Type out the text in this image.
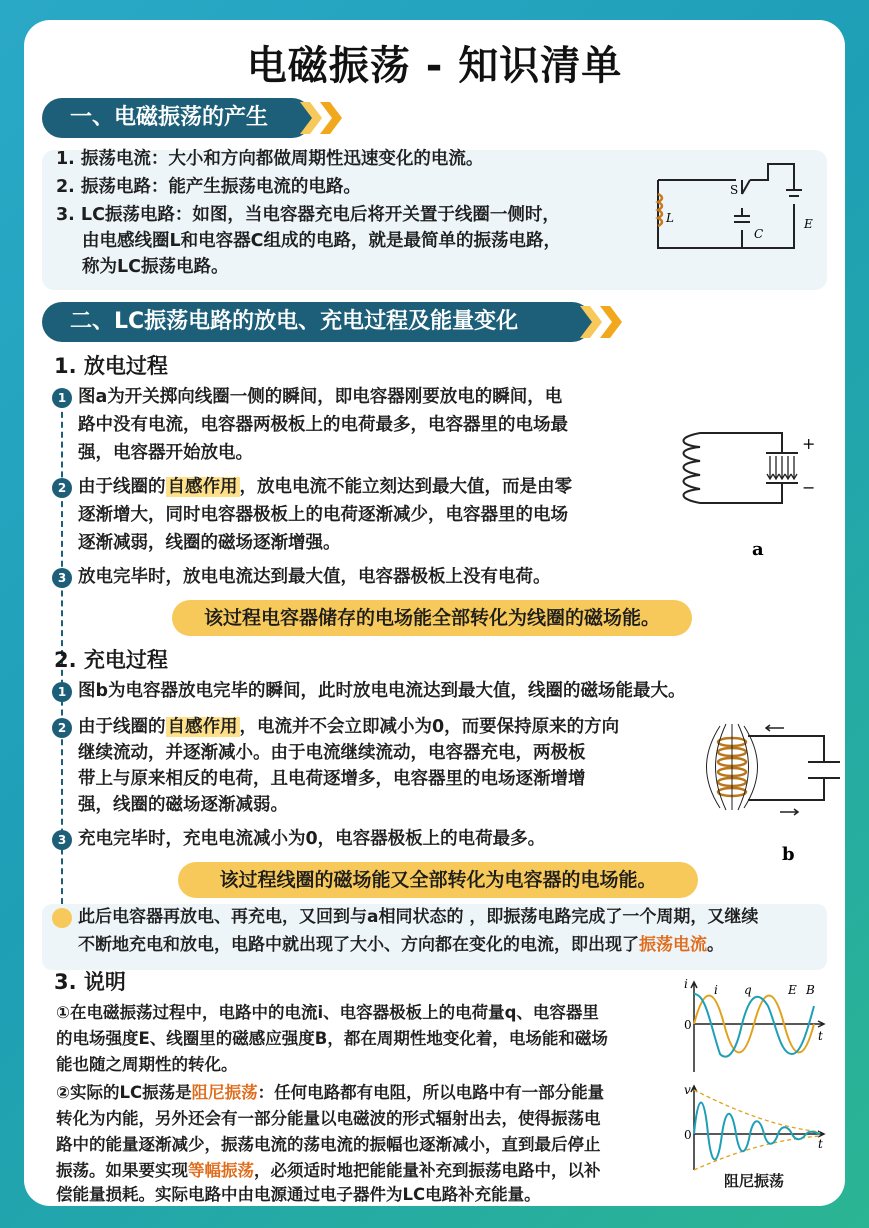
电磁振荡 - 知识清单
一、电磁振荡的产生
1. 振荡电流：大小和方向都做周期性迅速变化的电流。
2. 振荡电路：能产生振荡电流的电路。
3. LC振荡电路：如图，当电容器充电后将开关置于线圈一侧时，
由电感线圈L和电容器C组成的电路，就是最简单的振荡电路，
称为LC振荡电路。
L
S
C
E
二、LC振荡电路的放电、充电过程及能量变化
1. 放电过程
1 图a为开关掷向线圈一侧的瞬间，即电容器刚要放电的瞬间，电
路中没有电流，电容器两极板上的电荷最多，电容器里的电场最
强，电容器开始放电。
2 由于线圈的 自感作用 ，放电电流不能立刻达到最大值，而是由零
逐渐增大，同时电容器极板上的电荷逐渐减少，电容器里的电场
逐渐减弱，线圈的磁场逐渐增强。
3 放电完毕时，放电电流达到最大值，电容器极板上没有电荷。
该过程电容器储存的电场能全部转化为线圈的磁场能。
+
−
a
2. 充电过程
1 图b为电容器放电完毕的瞬间，此时放电电流达到最大值，线圈的磁场能最大。
2 由于线圈的 自感作用 ，电流并不会立即减小为0，而要保持原来的方向
继续流动，并逐渐减小。由于电流继续流动，电容器充电，两极板
带上与原来相反的电荷，且电荷逐增多，电容器里的电场逐渐增增
强，线圈的磁场逐渐减弱。
3 充电完毕时，充电电流减小为0，电容器极板上的电荷最多。
该过程线圈的磁场能又全部转化为电容器的电场能。
b
此后电容器再放电、再充电，又回到与a相同状态的 ，即振荡电路完成了一个周期，又继续
不断地充电和放电，电路中就出现了大小、方向都在变化的电流，即出现了振荡电流。
3. 说明
①在电磁振荡过程中，电路中的电流i、电容器极板上的电荷量q、电容器里
的电场强度E、线圈里的磁感应强度B，都在周期性地变化着，电场能和磁场
能也随之周期性的转化。
②实际的LC振荡是阻尼振荡：任何电路都有电阻，所以电路中有一部分能量
转化为内能，另外还会有一部分能量以电磁波的形式辐射出去，使得振荡电
路中的能量逐渐减少，振荡电流的荡电流的振幅也逐渐减小，直到最后停止
振荡。如果要实现等幅振荡，必须适时地把能能量补充到振荡电路中，以补
偿能量损耗。实际电路中由电源通过电子器件为LC电路补充能量。
i
0
t
i q	E B
v
0
t
阻尼振荡
